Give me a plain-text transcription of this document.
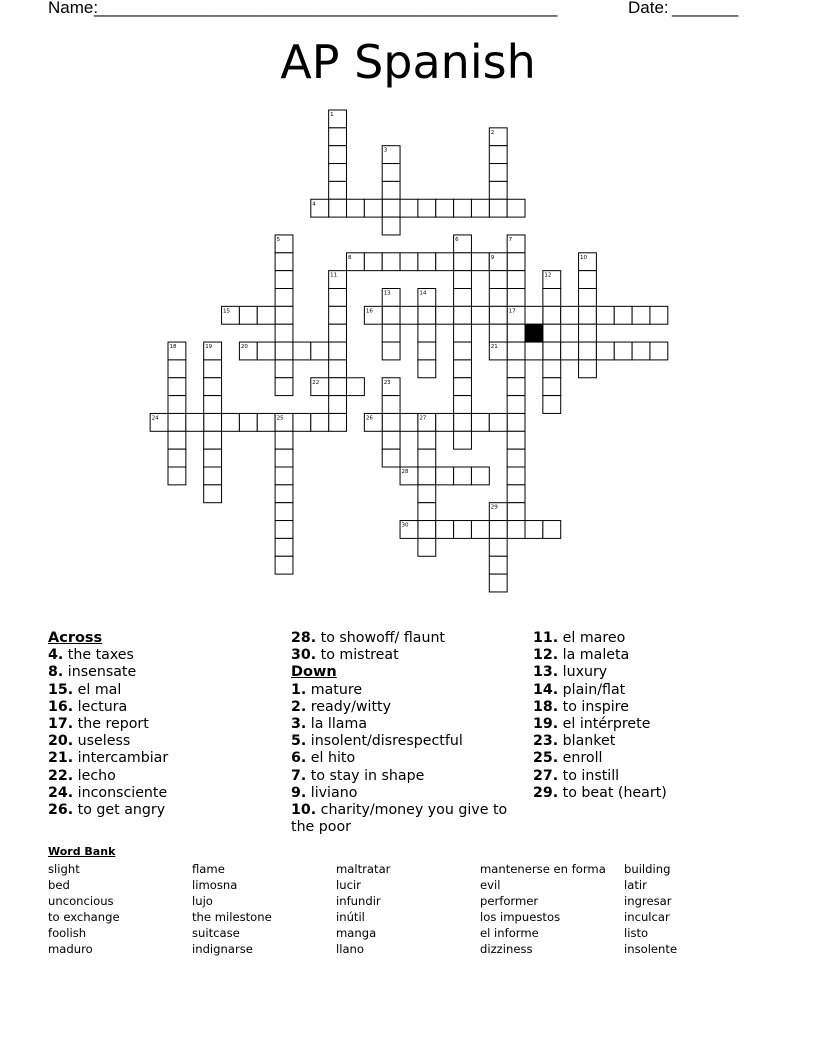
Name:
_________________________________________________	Date:
_______
AP Spanish
1
2
3
4
5	6	7
8	9	10
11	12
13	14
15	16	17
18	19	20	21
22	23
24	25	26	27
28
29
30
Across
4. the taxes
8. insensate
15. el mal
16. lectura
17. the report
20. useless
21. intercambiar
22. lecho
24. inconsciente
26. to get angry
28. to showoff/ flaunt
30. to mistreat
Down
1. mature
2. ready/witty
3. la llama
5. insolent/disrespectful
6. el hito
7. to stay in shape
9. liviano
10. charity/money you give to the poor
11. el mareo
12. la maleta
13. luxury
14. plain/flat
18. to inspire
19. el intérprete
23. blanket
25. enroll
27. to instill
29. to beat (heart)
Word Bank
slight
bed
unconcious
to exchange
foolish
maduro
flame
limosna
lujo
the milestone
suitcase
indignarse
maltratar
lucir
infundir
inútil
manga
llano
mantenerse en forma
evil
performer
los impuestos
el informe
dizziness
building
latir
ingresar
inculcar
listo
insolente
